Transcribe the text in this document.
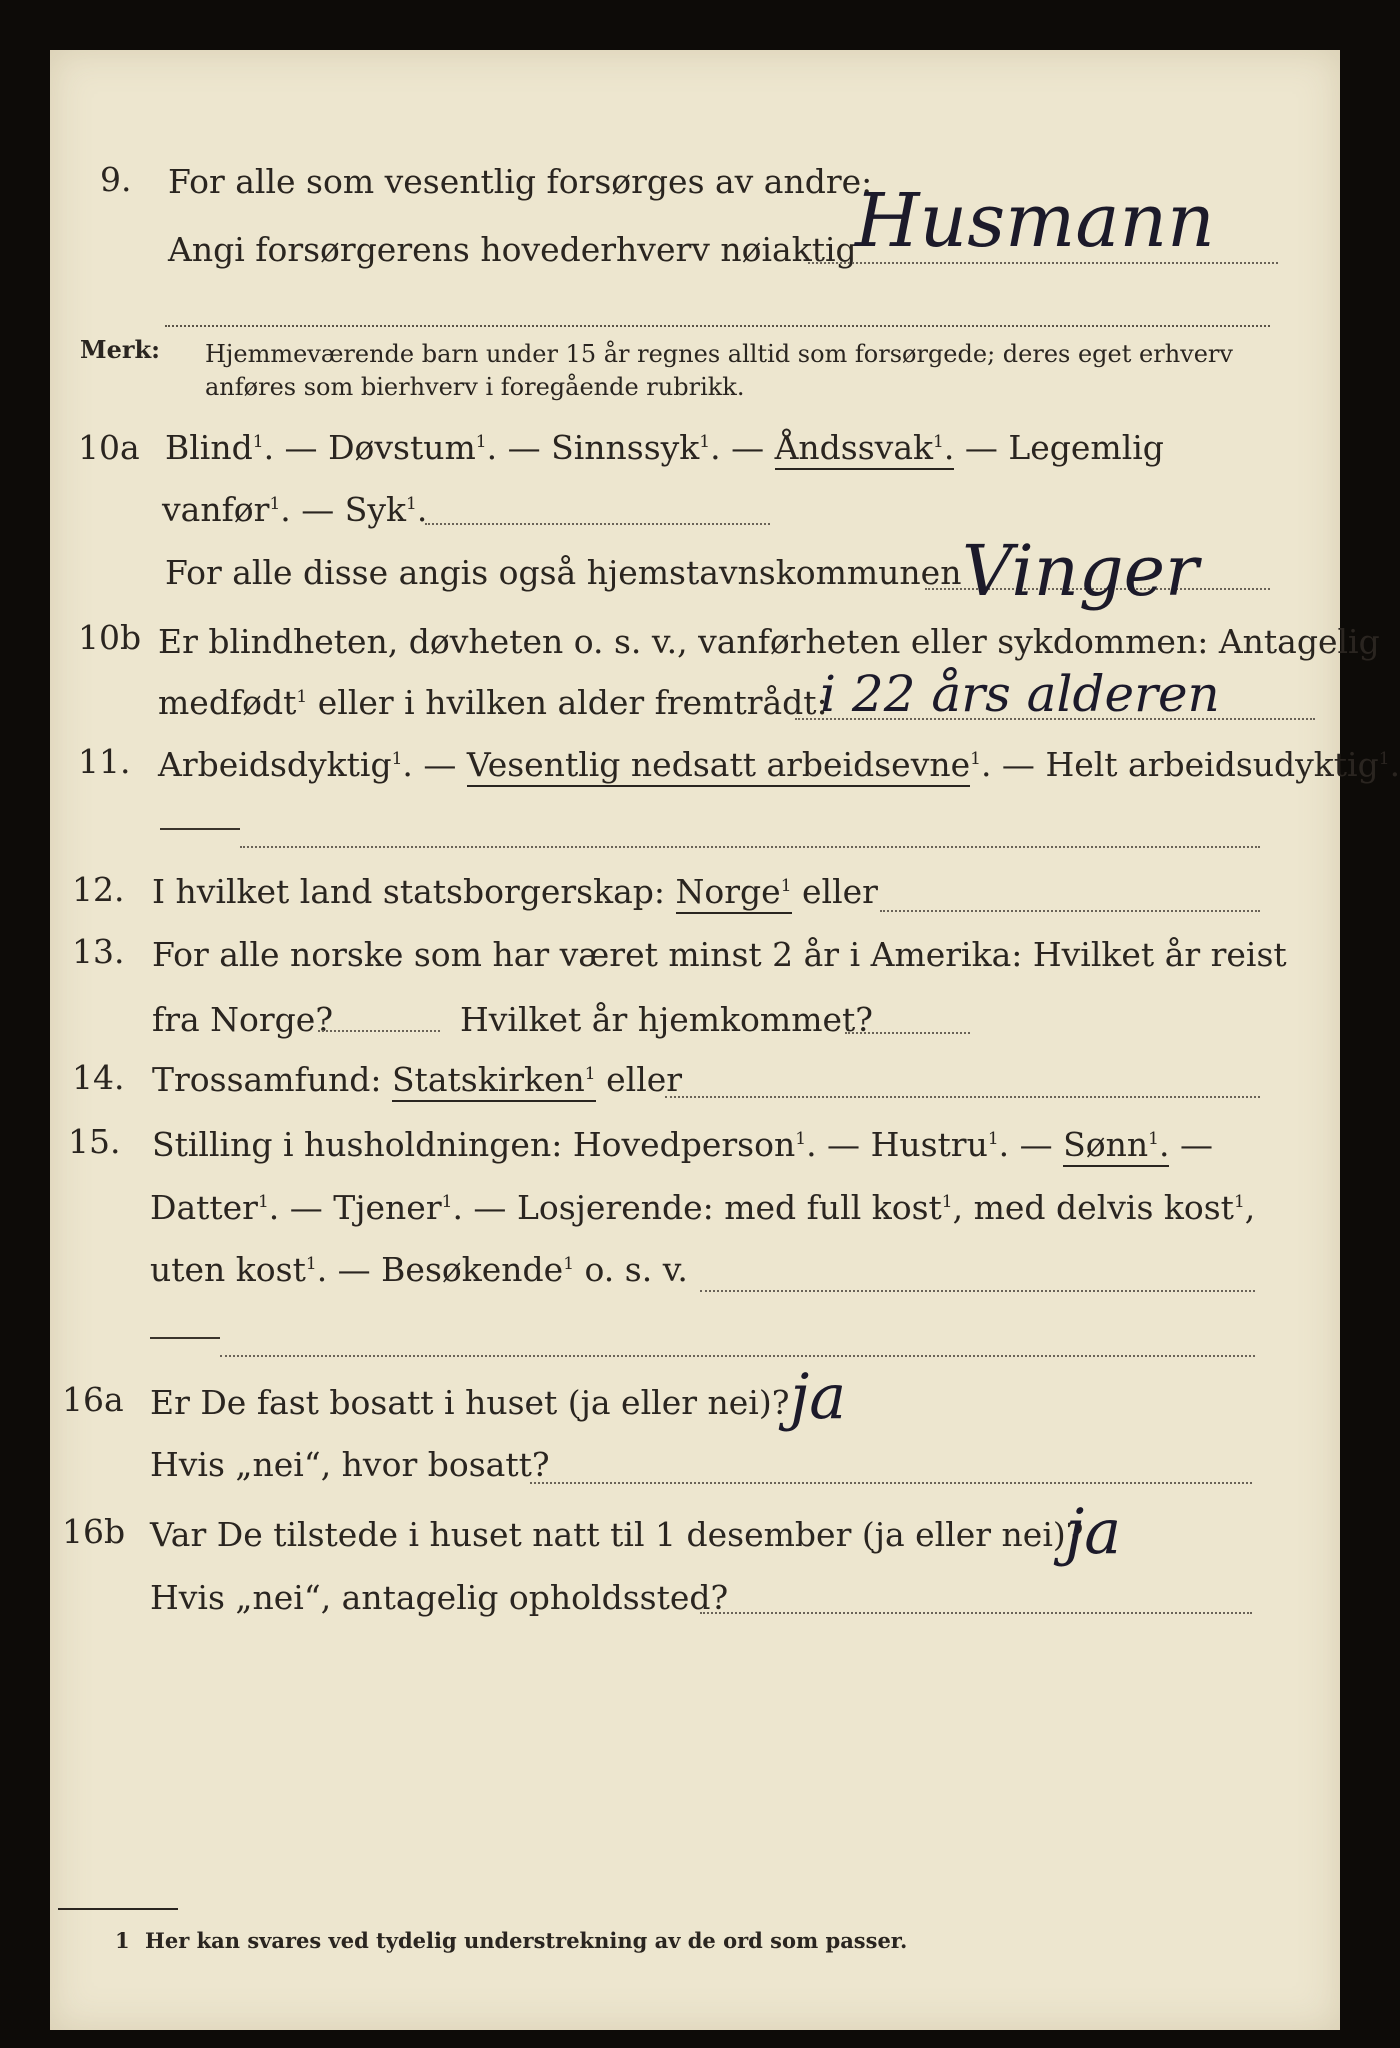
9. For alle som vesentlig forsørges av andre:
Angi forsørgerens hovederhverv nøiaktig
Husmann
Merk: Hjemmeværende barn under 15 år regnes alltid som forsørgede; deres eget erhverv
anføres som bierhverv i foregående rubrikk.
10a Blind$^1$. — Døvstum$^1$. — Sinnssyk$^1$. — Åndssvak$^1$. — Legemlig
vanfør$^1$. — Syk$^1$.
For alle disse angis også hjemstavnskommunen Vinger
10b Er blindheten, døvheten o. s. v., vanførheten eller sykdommen: Antagelig
medfødt$^1$ eller i hvilken alder fremtrådt:
i 22 års alderen
11. Arbeidsdyktig$^1$. — Vesentlig nedsatt arbeidsevne$^1$. — Helt arbeidsudyktig$^1$.
12. I hvilket land statsborgerskap: Norge$^1$ eller
13. For alle norske som har været minst 2 år i Amerika: Hvilket år reist
fra Norge?	Hvilket år hjemkommet?
14. Trossamfund: Statskirken$^1$ eller
15. Stilling i husholdningen: Hovedperson$^1$. — Hustru$^1$. — Sønn$^1$. —
Datter$^1$. — Tjener$^1$. — Losjerende: med full kost$^1$, med delvis kost$^1$,
uten kost$^1$. — Besøkende$^1$ o. s. v.
16a Er De fast bosatt i huset (ja eller nei)? ja
Hvis „nei“, hvor bosatt?
16b Var De tilstede i huset natt til 1 desember (ja eller nei)?
ja
Hvis „nei“, antagelig opholdssted?
1 Her kan svares ved tydelig understrekning av de ord som passer.
